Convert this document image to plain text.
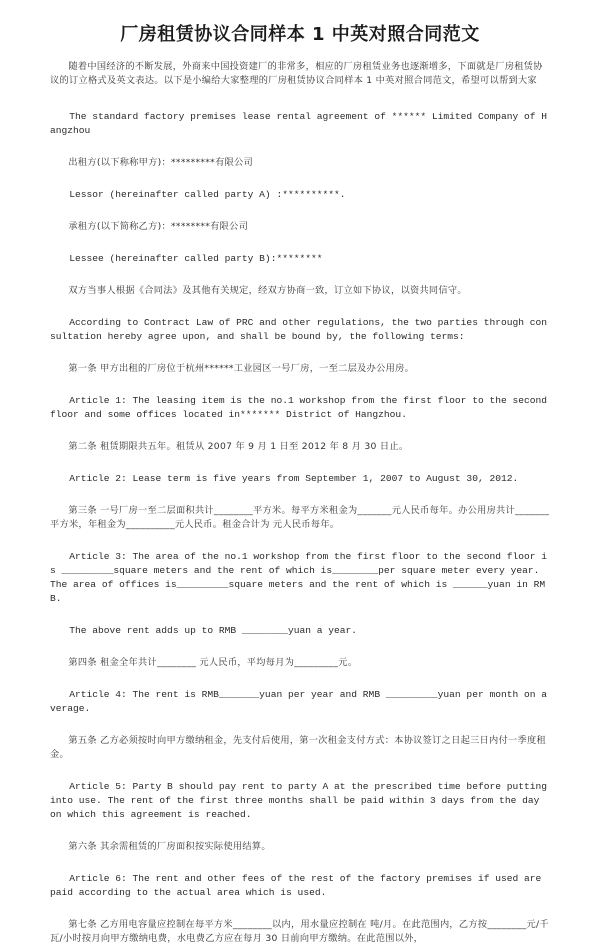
厂房租赁协议合同样本 1 中英对照合同范文

随着中国经济的不断发展，外商来中国投资建厂的非常多，相应的厂房租赁业务也逐渐增多，下面就是厂房租赁协议的订立格式及英文表达。以下是小编给大家整理的厂房租赁协议合同样本 1 中英对照合同范文，希望可以帮到大家

The standard factory premises lease rental agreement of ****** Limited Company of Hangzhou

出租方(以下称称甲方)：*********有限公司

Lessor (hereinafter called party A) :**********.

承租方(以下简称乙方)：********有限公司

Lessee (hereinafter called party B):********

双方当事人根据《合同法》及其他有关规定，经双方协商一致，订立如下协议，以资共同信守。

According to Contract Law of PRC and other regulations, the two parties through consultation hereby agree upon, and shall be bound by, the following terms:

第一条 甲方出租的厂房位于杭州******工业园区一号厂房，一至二层及办公用房。

Article 1: The leasing item is the no.1 workshop from the first floor to the second floor and some offices located in******* District of Hangzhou.

第二条 租赁期限共五年。租赁从 2007 年 9 月 1 日至 2012 年 8 月 30 日止。

Article 2: Lease term is five years from September 1, 2007 to August 30, 2012.

第三条 一号厂房一至二层面积共计________平方米。每平方米租金为_______元人民币每年。办公用房共计_______平方米，年租金为__________元人民币。租金合计为 元人民币每年。

Article 3: The area of the no.1 workshop from the first floor to the second floor is _________square meters and the rent of which is________per square meter every year. The area of offices is_________square meters and the rent of which is ______yuan in RMB.

The above rent adds up to RMB ________yuan a year.

第四条 租金全年共计________ 元人民币，平均每月为_________元。

Article 4: The rent is RMB_______yuan per year and RMB _________yuan per month on average.

第五条 乙方必须按时向甲方缴纳租金，先支付后使用，第一次租金支付方式：本协议签订之日起三日内付一季度租金。

Article 5: Party B should pay rent to party A at the prescribed time before putting into use. The rent of the first three months shall be paid within 3 days from the day on which this agreement is reached.

第六条 其余需租赁的厂房面积按实际使用结算。

Article 6: The rent and other fees of the rest of the factory premises if used are paid according to the actual area which is used.

第七条 乙方用电容量应控制在每平方米________以内，用水量应控制在 吨/月。在此范围内，乙方按________元/千瓦/小时按月向甲方缴纳电费，水电费乙方应在每月 30 日前向甲方缴纳。在此范围以外，
